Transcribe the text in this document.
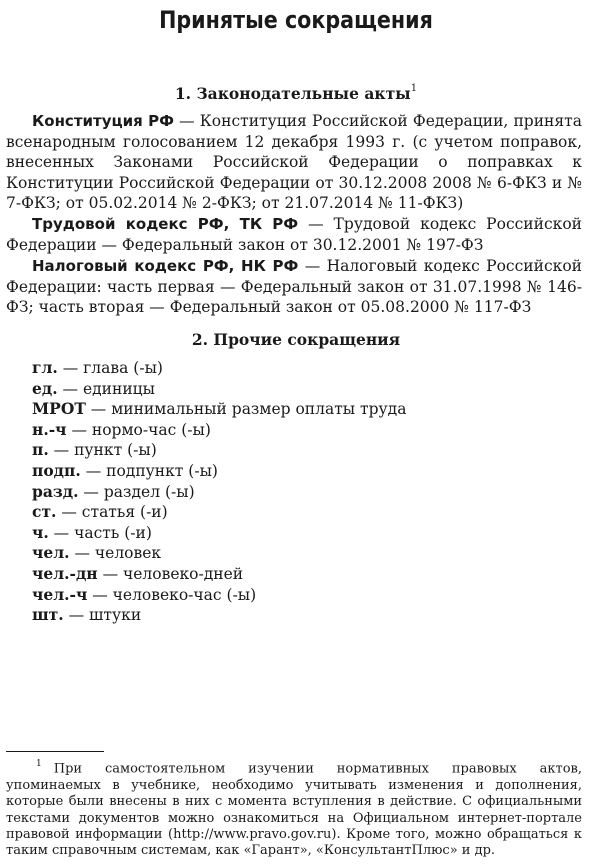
Принятые сокращения
1. Законодательные акты$^1$

Конституция РФ — Конституция Российской Федерации, принята всенародным голосованием 12 декабря 1993 г. (с учетом поправок, внесенных Законами Российской Федерации о поправках к Конституции Российской Федерации от 30.12.2008 2008 № 6-ФКЗ и № 7-ФКЗ; от 05.02.2014 № 2-ФКЗ; от 21.07.2014 № 11-ФКЗ)

Трудовой кодекс РФ, ТК РФ — Трудовой кодекс Российской Федерации — Федеральный закон от 30.12.2001 № 197-ФЗ

Налоговый кодекс РФ, НК РФ — Налоговый кодекс Российской Федерации: часть первая — Федеральный закон от 31.07.1998 № 146-ФЗ; часть вторая — Федеральный закон от 05.08.2000 № 117-ФЗ

2. Прочие сокращения
гл. — глава (-ы)
ед. — единицы
МРОТ — минимальный размер оплаты труда
н.-ч — нормо-час (-ы)
п. — пункт (-ы)
подп. — подпункт (-ы)
разд. — раздел (-ы)
ст. — статья (-и)
ч. — часть (-и)
чел. — человек
чел.-дн — человеко-дней
чел.-ч — человеко-час (-ы)
шт. — штуки

$^1$ При самостоятельном изучении нормативных правовых актов, упоминаемых в учебнике, необходимо учитывать изменения и дополнения, которые были внесены в них с момента вступления в действие. С официальными текстами документов можно ознакомиться на Официальном интернет-портале правовой информации (http://www.pravo.gov.ru). Кроме того, можно обращаться к таким справочным системам, как «Гарант», «КонсультантПлюс» и др.
